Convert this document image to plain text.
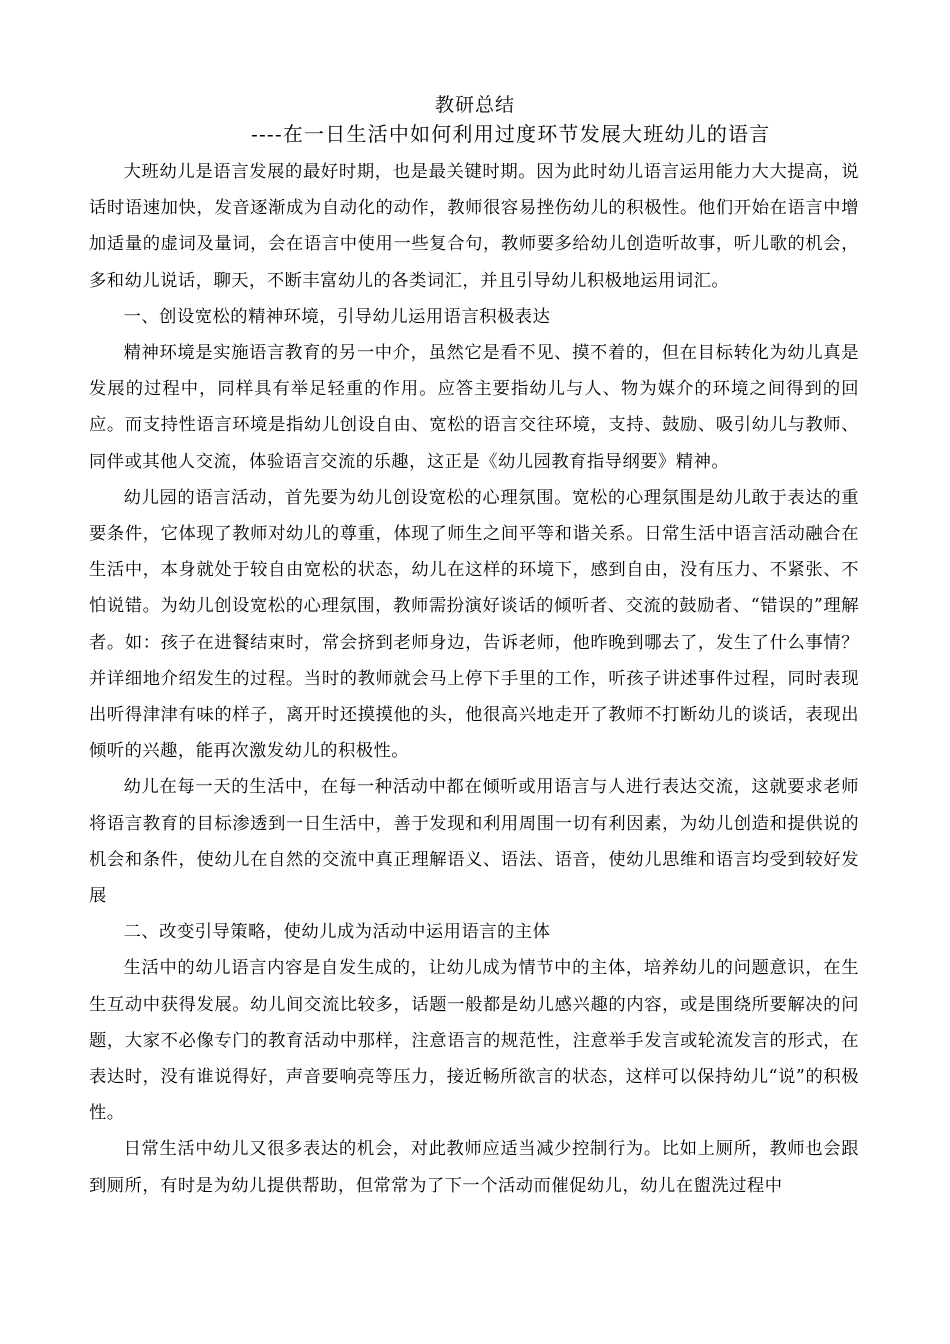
教研总结
----在一日生活中如何利用过度环节发展大班幼儿的语言

大班幼儿是语言发展的最好时期，也是最关键时期。因为此时幼儿语言运用能力大大提高，说话时语速加快，发音逐渐成为自动化的动作，教师很容易挫伤幼儿的积极性。他们开始在语言中增加适量的虚词及量词，会在语言中使用一些复合句，教师要多给幼儿创造听故事，听儿歌的机会，多和幼儿说话，聊天，不断丰富幼儿的各类词汇，并且引导幼儿积极地运用词汇。

一、创设宽松的精神环境，引导幼儿运用语言积极表达

精神环境是实施语言教育的另一中介，虽然它是看不见、摸不着的，但在目标转化为幼儿真是发展的过程中，同样具有举足轻重的作用。应答主要指幼儿与人、物为媒介的环境之间得到的回应。而支持性语言环境是指幼儿创设自由、宽松的语言交往环境，支持、鼓励、吸引幼儿与教师、同伴或其他人交流，体验语言交流的乐趣，这正是《幼儿园教育指导纲要》精神。

幼儿园的语言活动，首先要为幼儿创设宽松的心理氛围。宽松的心理氛围是幼儿敢于表达的重要条件，它体现了教师对幼儿的尊重，体现了师生之间平等和谐关系。日常生活中语言活动融合在生活中，本身就处于较自由宽松的状态，幼儿在这样的环境下，感到自由，没有压力、不紧张、不怕说错。为幼儿创设宽松的心理氛围，教师需扮演好谈话的倾听者、交流的鼓励者、“错误的”理解者。如：孩子在进餐结束时，常会挤到老师身边，告诉老师，他昨晚到哪去了，发生了什么事情？并详细地介绍发生的过程。当时的教师就会马上停下手里的工作，听孩子讲述事件过程，同时表现出听得津津有味的样子，离开时还摸摸他的头，他很高兴地走开了教师不打断幼儿的谈话，表现出倾听的兴趣，能再次激发幼儿的积极性。

幼儿在每一天的生活中，在每一种活动中都在倾听或用语言与人进行表达交流，这就要求老师将语言教育的目标渗透到一日生活中，善于发现和利用周围一切有利因素，为幼儿创造和提供说的机会和条件，使幼儿在自然的交流中真正理解语义、语法、语音，使幼儿思维和语言均受到较好发展

二、改变引导策略，使幼儿成为活动中运用语言的主体

生活中的幼儿语言内容是自发生成的，让幼儿成为情节中的主体，培养幼儿的问题意识，在生生互动中获得发展。幼儿间交流比较多，话题一般都是幼儿感兴趣的内容，或是围绕所要解决的问题，大家不必像专门的教育活动中那样，注意语言的规范性，注意举手发言或轮流发言的形式，在表达时，没有谁说得好，声音要响亮等压力，接近畅所欲言的状态，这样可以保持幼儿“说”的积极性。

日常生活中幼儿又很多表达的机会，对此教师应适当减少控制行为。比如上厕所，教师也会跟到厕所，有时是为幼儿提供帮助，但常常为了下一个活动而催促幼儿，幼儿在盥洗过程中
